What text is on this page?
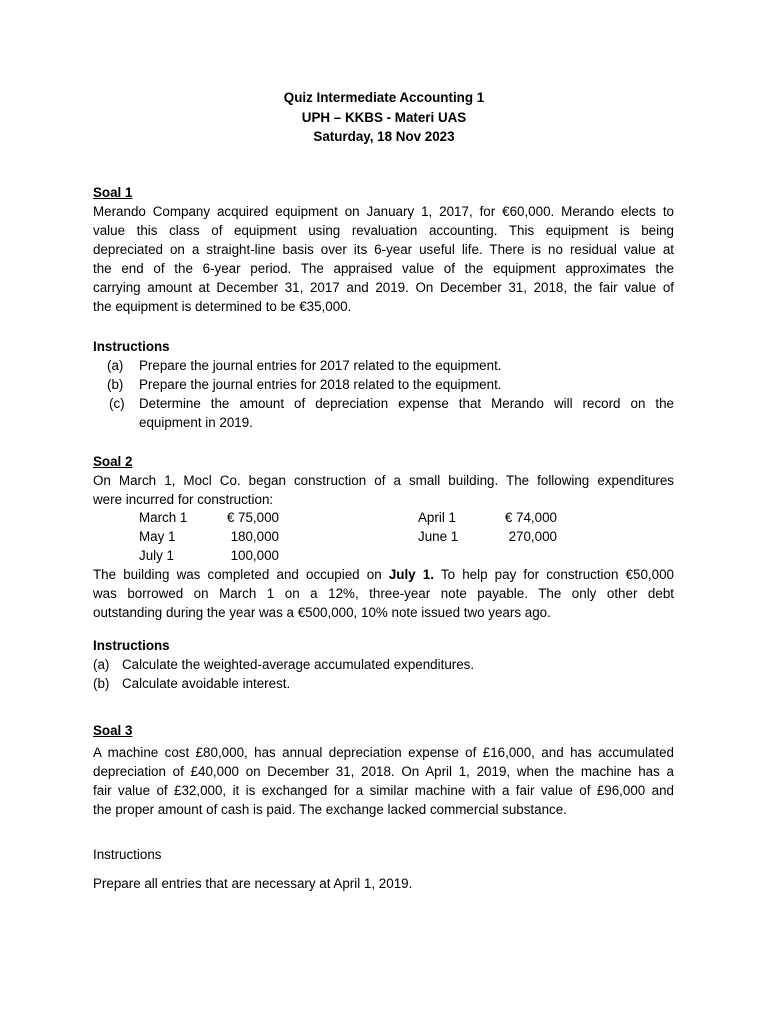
Quiz Intermediate Accounting 1
UPH – KKBS - Materi UAS
Saturday, 18 Nov 2023
Soal 1
Merando Company acquired equipment on January 1, 2017, for €60,000. Merando elects to
value this class of equipment using revaluation accounting. This equipment is being
depreciated on a straight-line basis over its 6-year useful life. There is no residual value at
the end of the 6-year period. The appraised value of the equipment approximates the
carrying amount at December 31, 2017 and 2019. On December 31, 2018, the fair value of
the equipment is determined to be €35,000.
Instructions
(a) Prepare the journal entries for 2017 related to the equipment.
(b) Prepare the journal entries for 2018 related to the equipment.
(c) Determine the amount of depreciation expense that Merando will record on the
equipment in 2019.
Soal 2
On March 1, Mocl Co. began construction of a small building. The following expenditures
were incurred for construction:
March 1	€ 75,000	April 1	€ 74,000
May 1	180,000	June 1	270,000
July 1	100,000
The building was completed and occupied on July 1. To help pay for construction €50,000
was borrowed on March 1 on a 12%, three-year note payable. The only other debt
outstanding during the year was a €500,000, 10% note issued two years ago.
Instructions
(a) Calculate the weighted-average accumulated expenditures.
(b) Calculate avoidable interest.
Soal 3
A machine cost £80,000, has annual depreciation expense of £16,000, and has accumulated
depreciation of £40,000 on December 31, 2018. On April 1, 2019, when the machine has a
fair value of £32,000, it is exchanged for a similar machine with a fair value of £96,000 and
the proper amount of cash is paid. The exchange lacked commercial substance.
Instructions
Prepare all entries that are necessary at April 1, 2019.
